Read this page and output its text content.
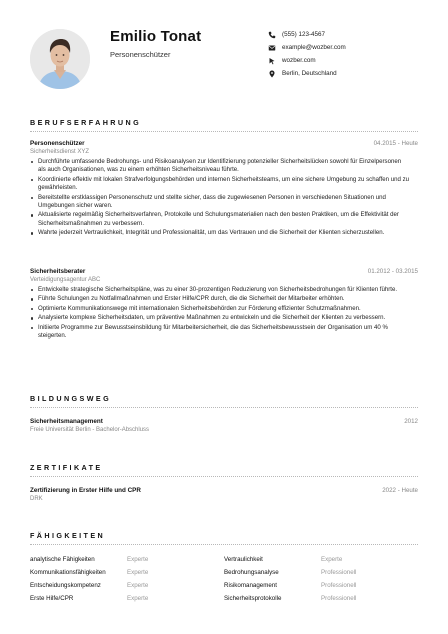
Emilio Tonat
Personenschützer
(555) 123-4567
example@wozber.com
wozber.com
Berlin, Deutschland
BERUFSERFAHRUNG
Personenschützer	04.2015 - Heute
Sicherheitsdienst XYZ
Durchführte umfassende Bedrohungs- und Risikoanalysen zur Identifizierung potenzieller Sicherheitslücken sowohl für Einzelpersonen als auch Organisationen, was zu einem erhöhten Sicherheitsniveau führte.
Koordinierte effektiv mit lokalen Strafverfolgungsbehörden und internen Sicherheitsteams, um eine sichere Umgebung zu schaffen und zu gewährleisten.
Bereitstellte erstklassigen Personenschutz und stellte sicher, dass die zugewiesenen Personen in verschiedenen Situationen und Umgebungen sicher waren.
Aktualisierte regelmäßig Sicherheitsverfahren, Protokolle und Schulungsmaterialien nach den besten Praktiken, um die Effektivität der Sicherheitsmaßnahmen zu verbessern.
Wahrte jederzeit Vertraulichkeit, Integrität und Professionalität, um das Vertrauen und die Sicherheit der Klienten sicherzustellen.
Sicherheitsberater	01.2012 - 03.2015
Verteidigungsagentur ABC
Entwickelte strategische Sicherheitspläne, was zu einer 30-prozentigen Reduzierung von Sicherheitsbedrohungen für Klienten führte.
Führte Schulungen zu Notfallmaßnahmen und Erster Hilfe/CPR durch, die die Sicherheit der Mitarbeiter erhöhten.
Optimierte Kommunikationswege mit internationalen Sicherheitsbehörden zur Förderung effizienter Schutzmaßnahmen.
Analysierte komplexe Sicherheitsdaten, um präventive Maßnahmen zu entwickeln und die Sicherheit der Klienten zu verbessern.
Initiierte Programme zur Bewusstseinsbildung für Mitarbeitersicherheit, die das Sicherheitsbewusstsein der Organisation um 40 % steigerten.
BILDUNGSWEG
Sicherheitsmanagement	2012
Freie Universität Berlin - Bachelor-Abschluss
ZERTIFIKATE
Zertifizierung in Erster Hilfe und CPR	2022 - Heute
DRK
FÄHIGKEITEN
analytische Fähigkeiten	Experte	Vertraulichkeit	Experte
Kommunikationsfähigkeiten	Experte	Bedrohungsanalyse	Professionell
Entscheidungskompetenz	Experte	Risikomanagement	Professionell
Erste Hilfe/CPR	Experte	Sicherheitsprotokolle	Professionell
